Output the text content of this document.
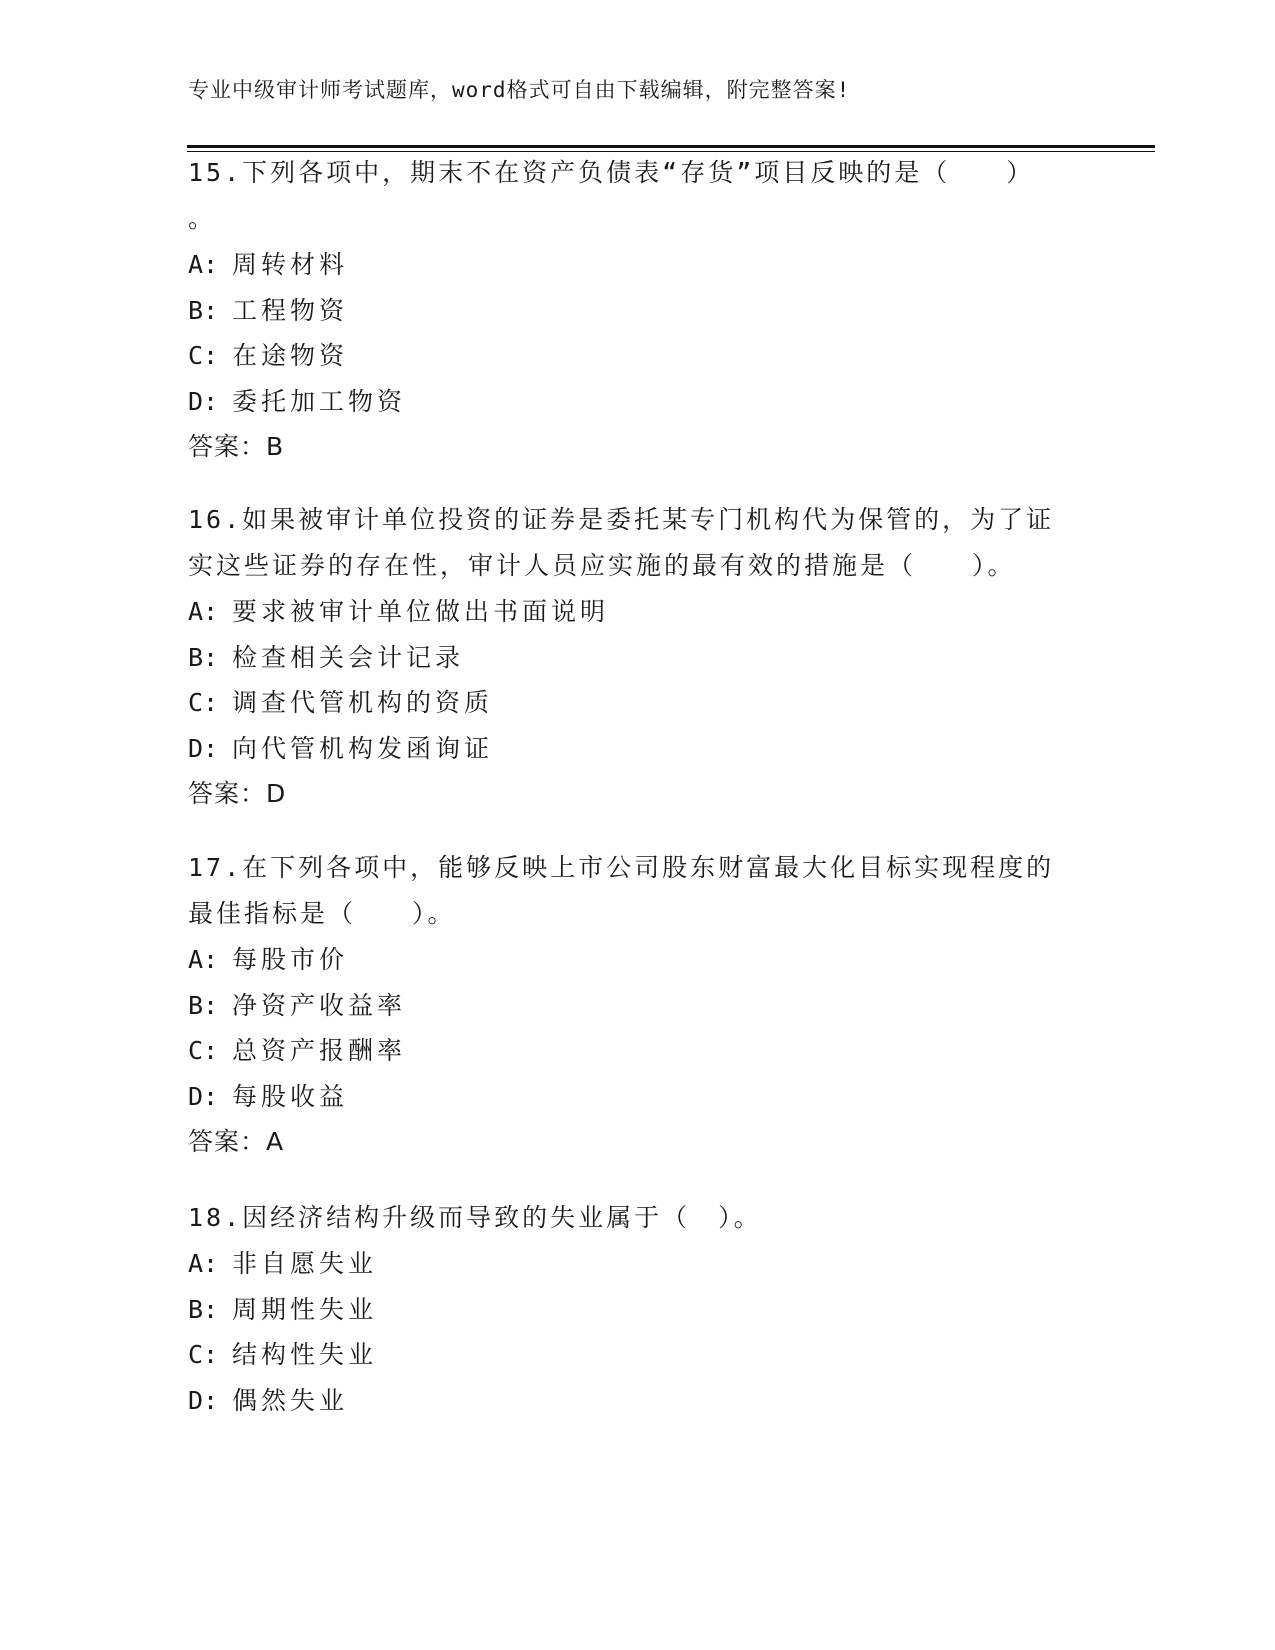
专业中级审计师考试题库，word格式可自由下载编辑，附完整答案!

15.下列各项中，期末不在资产负债表“存货”项目反映的是（　　）

。

A: 周转材料

B: 工程物资

C: 在途物资

D: 委托加工物资

答案：B

16.如果被审计单位投资的证券是委托某专门机构代为保管的，为了证

实这些证券的存在性，审计人员应实施的最有效的措施是（　　）。

A: 要求被审计单位做出书面说明

B: 检查相关会计记录

C: 调查代管机构的资质

D: 向代管机构发函询证

答案：D

17.在下列各项中，能够反映上市公司股东财富最大化目标实现程度的

最佳指标是（　　）。

A: 每股市价

B: 净资产收益率

C: 总资产报酬率

D: 每股收益

答案：A

18.因经济结构升级而导致的失业属于（　）。

A: 非自愿失业

B: 周期性失业

C: 结构性失业

D: 偶然失业
